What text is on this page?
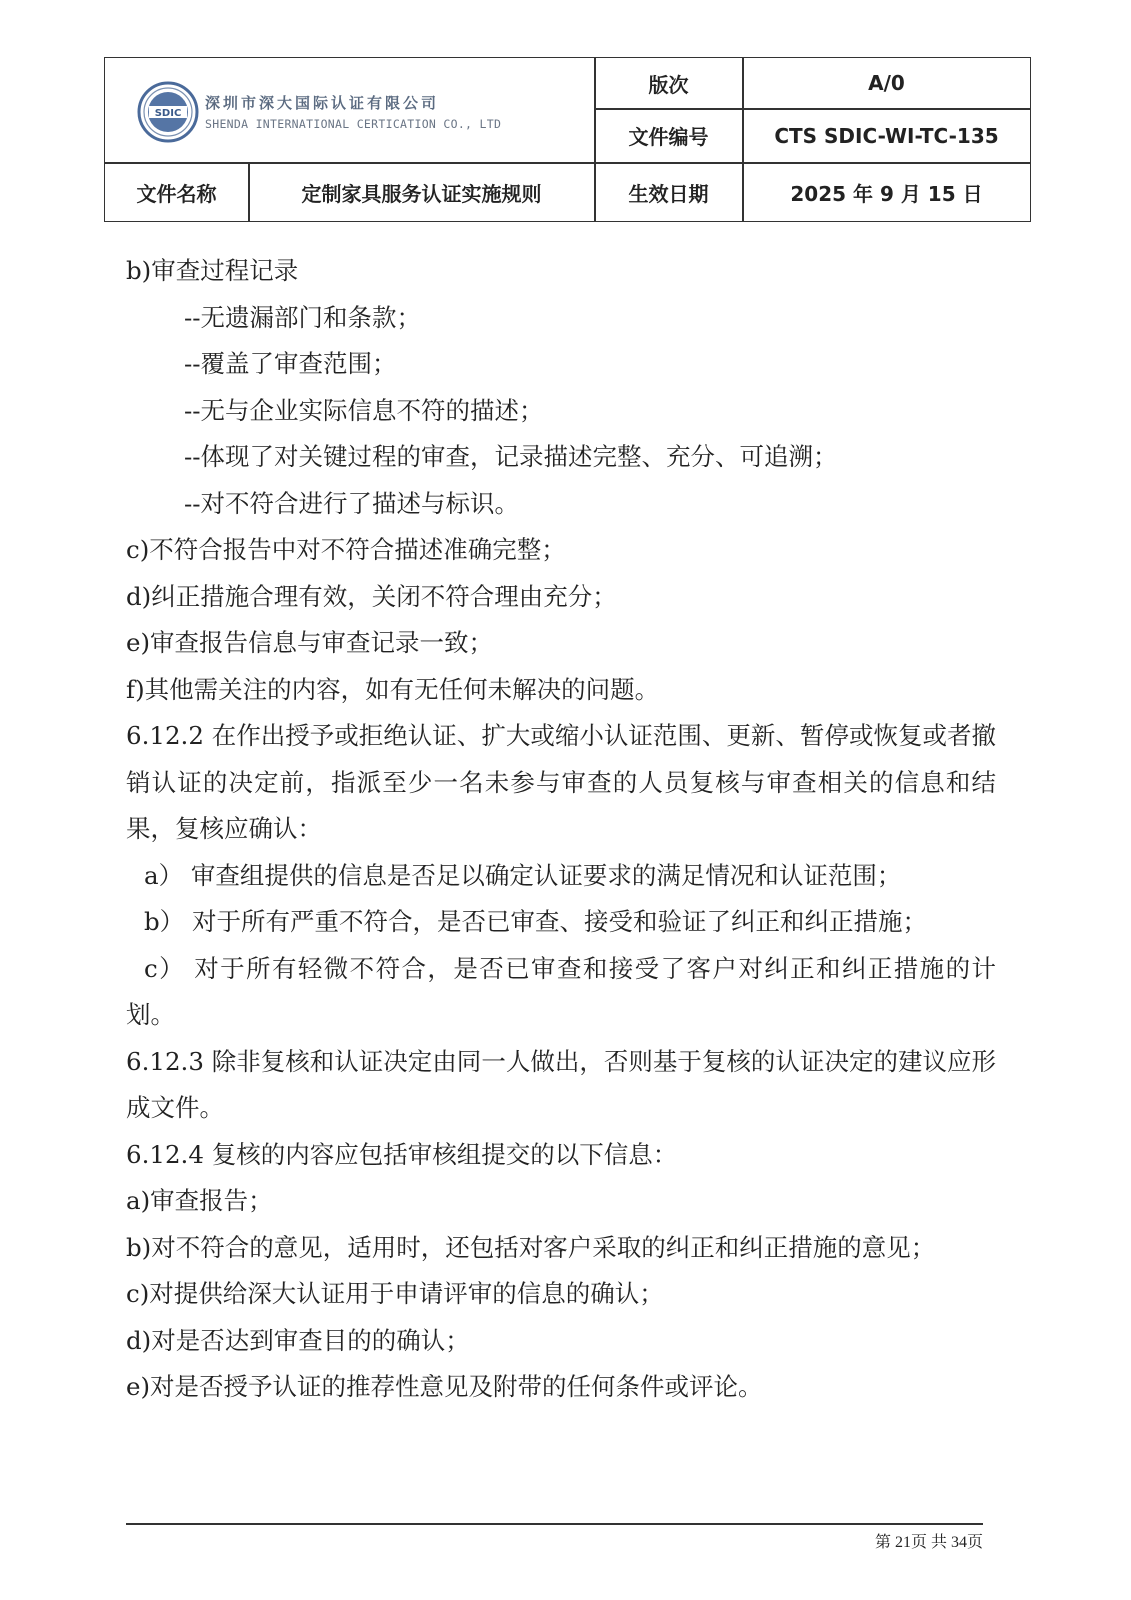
SDIC
深圳市深大国际认证有限公司
SHENDA INTERNATIONAL CERTICATION CO., LTD
版次	A/0
文件编号	CTS SDIC-WI-TC-135
文件名称	定制家具服务认证实施规则	生效日期	2025 年 9 月 15 日

b)审查过程记录

--无遗漏部门和条款；

--覆盖了审查范围；

--无与企业实际信息不符的描述；

--体现了对关键过程的审查，记录描述完整、充分、可追溯；

--对不符合进行了描述与标识。

c)不符合报告中对不符合描述准确完整；

d)纠正措施合理有效，关闭不符合理由充分；

e)审查报告信息与审查记录一致；

f)其他需关注的内容，如有无任何未解决的问题。

6.12.2 在作出授予或拒绝认证、扩大或缩小认证范围、更新、暂停或恢复或者撤销认证的决定前，指派至少一名未参与审查的人员复核与审查相关的信息和结果，复核应确认：

a） 审查组提供的信息是否足以确定认证要求的满足情况和认证范围；

b） 对于所有严重不符合，是否已审查、接受和验证了纠正和纠正措施；

c） 对于所有轻微不符合，是否已审查和接受了客户对纠正和纠正措施的计划。

6.12.3 除非复核和认证决定由同一人做出，否则基于复核的认证决定的建议应形成文件。

6.12.4 复核的内容应包括审核组提交的以下信息：

a)审查报告；

b)对不符合的意见，适用时，还包括对客户采取的纠正和纠正措施的意见；

c)对提供给深大认证用于申请评审的信息的确认；

d)对是否达到审查目的的确认；

e)对是否授予认证的推荐性意见及附带的任何条件或评论。

第 21页 共 34页
